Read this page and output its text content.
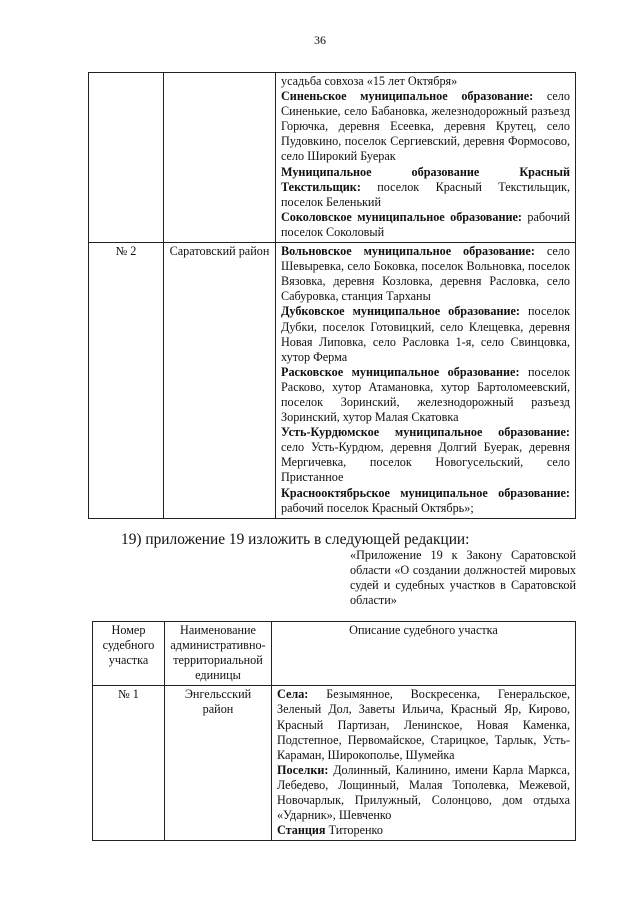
36

		усадьба совхоза «15 лет Октября»

Синеньское муниципальное образование: село Синенькие, село Бабановка, железнодорожный разъезд Горючка, деревня Есеевка, деревня Крутец, село Пудовкино, поселок Сергиевский, деревня Формосово, село Широкий Буерак

Муниципальное образование Красный Текстильщик: поселок Красный Текстильщик, поселок Беленький

Соколовское муниципальное образование: рабочий поселок Соколовый

№ 2	Саратовский район	Вольновское муниципальное образование: село Шевыревка, село Боковка, поселок Вольновка, поселок Вязовка, деревня Козловка, деревня Расловка, село Сабуровка, станция Тарханы

Дубковское муниципальное образование: поселок Дубки, поселок Готовицкий, село Клещевка, деревня Новая Липовка, село Расловка 1-я, село Свинцовка, хутор Ферма

Расковское муниципальное образование: поселок Расково, хутор Атамановка, хутор Бартоломеевский, поселок Зоринский, железнодорожный разъезд Зоринский, хутор Малая Скатовка

Усть-Курдюмское муниципальное образование: село Усть-Курдюм, деревня Долгий Буерак, деревня Мергичевка, поселок Новогусельский, село Пристанное

Краснооктябрьское муниципальное образование: рабочий поселок Красный Октябрь»;

19) приложение 19 изложить в следующей редакции:

«Приложение 19 к Закону Саратовской области «О создании должностей мировых судей и судебных участков в Саратовской области»

Номер судебного участка	Наименование административно-территориальной единицы	Описание судебного участка
№ 1	Энгельсский район	Села: Безымянное, Воскресенка, Генеральское, Зеленый Дол, Заветы Ильича, Красный Яр, Кирово, Красный Партизан, Ленинское, Новая Каменка, Подстепное, Первомайское, Старицкое, Тарлык, Усть-Караман, Широкополье, Шумейка

Поселки: Долинный, Калинино, имени Карла Маркса, Лебедево, Лощинный, Малая Тополевка, Межевой, Новочарлык, Прилужный, Солонцово, дом отдыха «Ударник», Шевченко

Станция Титоренко
